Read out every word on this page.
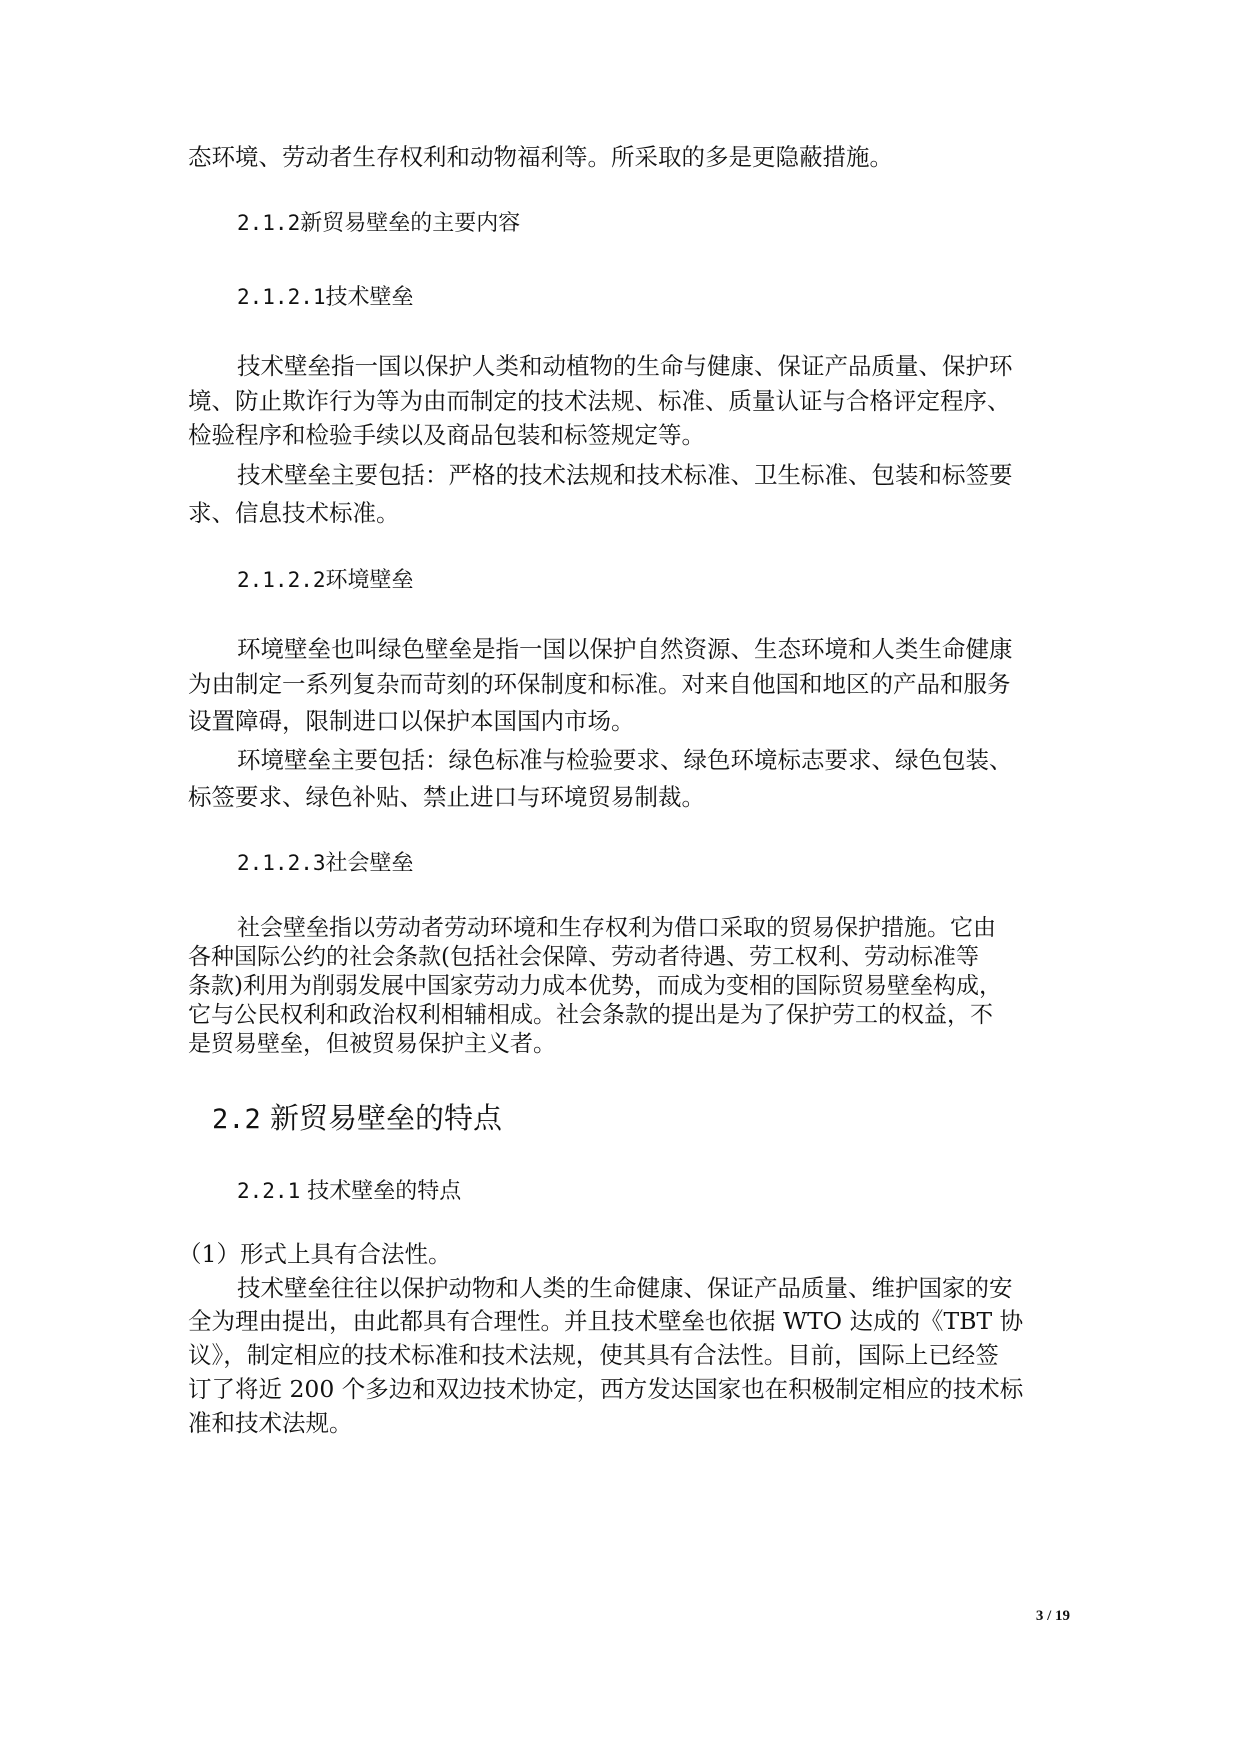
态环境、劳动者生存权利和动物福利等。所采取的多是更隐蔽措施。
2.1.2新贸易壁垒的主要内容
2.1.2.1技术壁垒
技术壁垒指一国以保护人类和动植物的生命与健康、保证产品质量、保护环
境、防止欺诈行为等为由而制定的技术法规、标准、质量认证与合格评定程序、
检验程序和检验手续以及商品包装和标签规定等。
技术壁垒主要包括：严格的技术法规和技术标准、卫生标准、包装和标签要
求、信息技术标准。
2.1.2.2环境壁垒
环境壁垒也叫绿色壁垒是指一国以保护自然资源、生态环境和人类生命健康
为由制定一系列复杂而苛刻的环保制度和标准。对来自他国和地区的产品和服务
设置障碍，限制进口以保护本国国内市场。
环境壁垒主要包括：绿色标准与检验要求、绿色环境标志要求、绿色包装、
标签要求、绿色补贴、禁止进口与环境贸易制裁。
2.1.2.3社会壁垒
社会壁垒指以劳动者劳动环境和生存权利为借口采取的贸易保护措施。它由
各种国际公约的社会条款(包括社会保障、劳动者待遇、劳工权利、劳动标准等
条款)利用为削弱发展中国家劳动力成本优势，而成为变相的国际贸易壁垒构成，
它与公民权利和政治权利相辅相成。社会条款的提出是为了保护劳工的权益，不
是贸易壁垒，但被贸易保护主义者。
2.2 新贸易壁垒的特点
2.2.1 技术壁垒的特点
（1）形式上具有合法性。
技术壁垒往往以保护动物和人类的生命健康、保证产品质量、维护国家的安
全为理由提出，由此都具有合理性。并且技术壁垒也依据 WTO 达成的《TBT 协
议》，制定相应的技术标准和技术法规，使其具有合法性。目前，国际上已经签
订了将近 200 个多边和双边技术协定，西方发达国家也在积极制定相应的技术标
准和技术法规。
3 / 19
